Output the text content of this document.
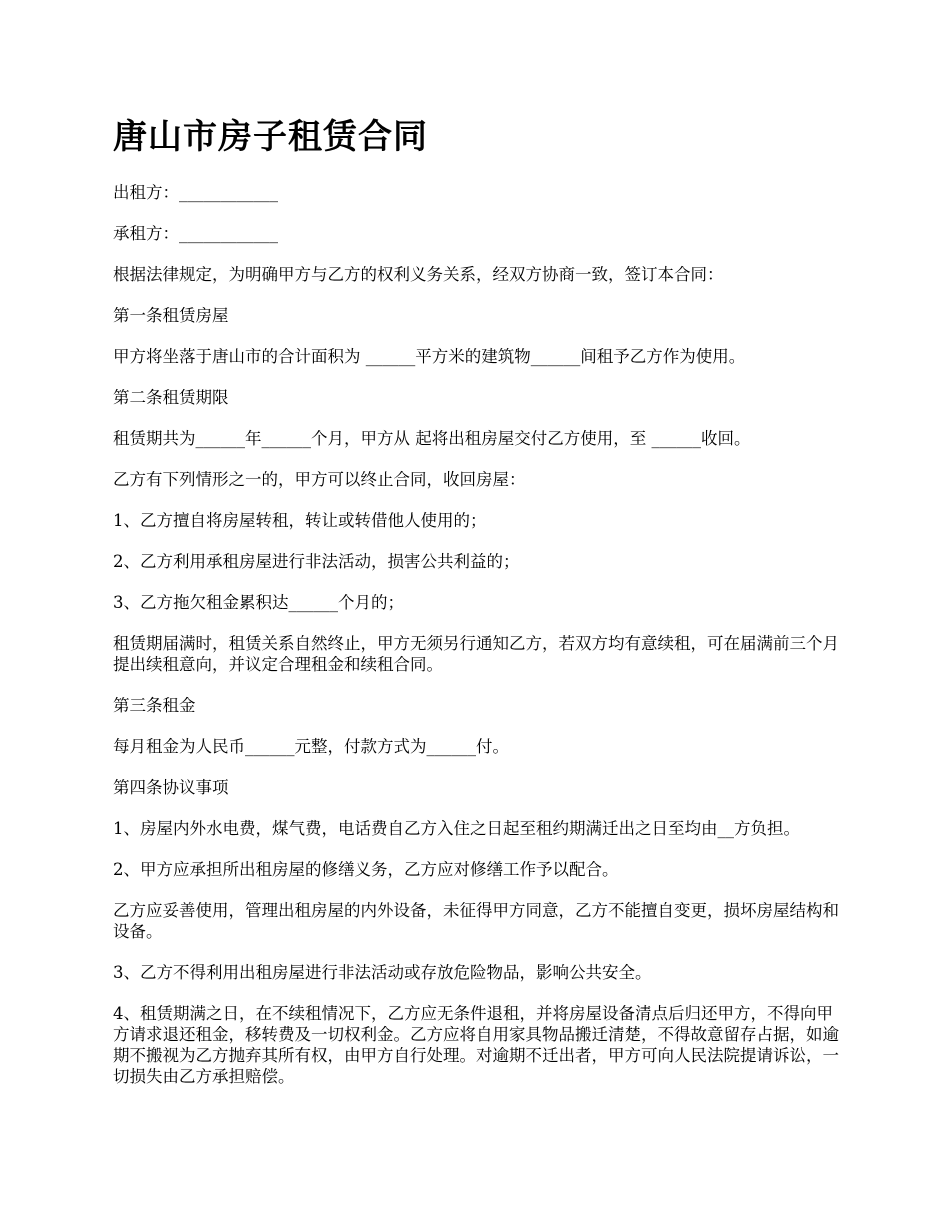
唐山市房子租赁合同

出租方：____________

承租方：____________

根据法律规定，为明确甲方与乙方的权利义务关系，经双方协商一致，签订本合同：

第一条租赁房屋

甲方将坐落于唐山市的合计面积为 ______平方米的建筑物______间租予乙方作为使用。

第二条租赁期限

租赁期共为______年______个月，甲方从 起将出租房屋交付乙方使用，至 ______收回。

乙方有下列情形之一的，甲方可以终止合同，收回房屋：

1、乙方擅自将房屋转租，转让或转借他人使用的；

2、乙方利用承租房屋进行非法活动，损害公共利益的；

3、乙方拖欠租金累积达______个月的；

租赁期届满时，租赁关系自然终止，甲方无须另行通知乙方，若双方均有意续租，可在届满前三个月提出续租意向，并议定合理租金和续租合同。

第三条租金

每月租金为人民币______元整，付款方式为______付。

第四条协议事项

1、房屋内外水电费，煤气费，电话费自乙方入住之日起至租约期满迁出之日至均由__方负担。

2、甲方应承担所出租房屋的修缮义务，乙方应对修缮工作予以配合。

乙方应妥善使用，管理出租房屋的内外设备，未征得甲方同意，乙方不能擅自变更，损坏房屋结构和设备。

3、乙方不得利用出租房屋进行非法活动或存放危险物品，影响公共安全。

4、租赁期满之日，在不续租情况下，乙方应无条件退租，并将房屋设备清点后归还甲方，不得向甲方请求退还租金，移转费及一切权利金。乙方应将自用家具物品搬迁清楚，不得故意留存占据，如逾期不搬视为乙方抛弃其所有权，由甲方自行处理。对逾期不迁出者，甲方可向人民法院提请诉讼，一切损失由乙方承担赔偿。
